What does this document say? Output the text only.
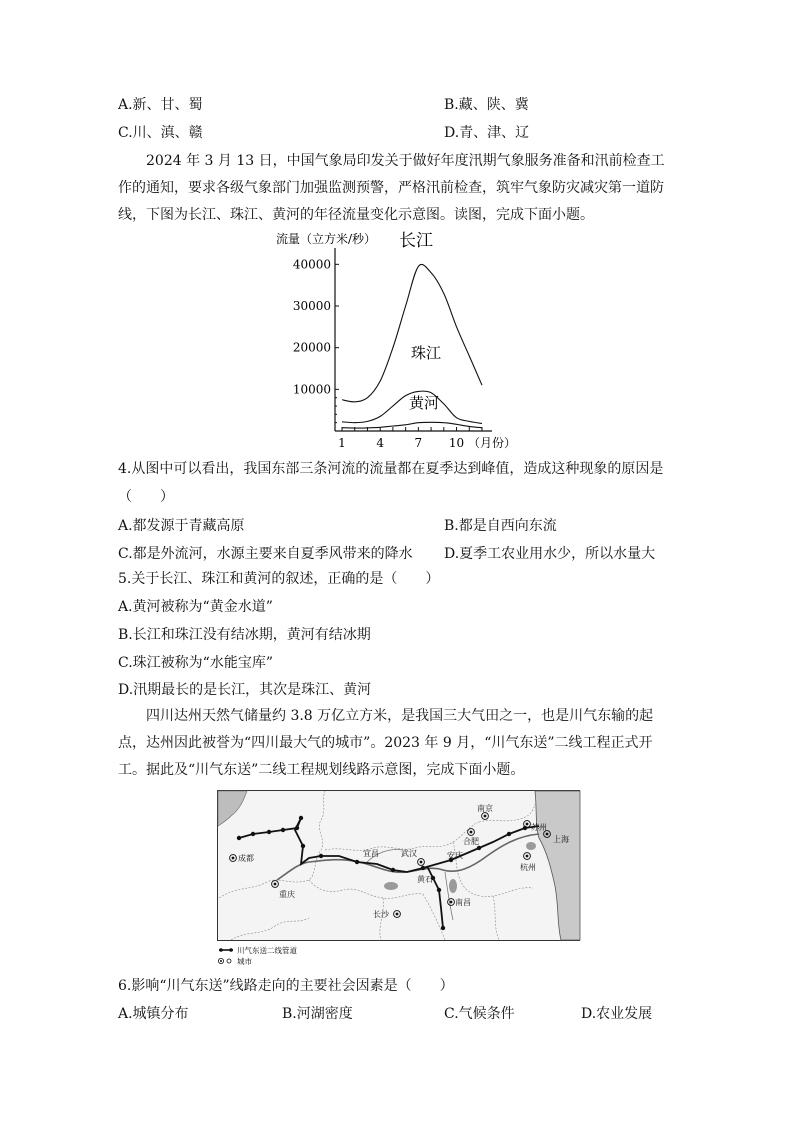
A.新、甘、蜀	B.藏、陕、冀
C.川、滇、赣	D.青、津、辽

2024 年 3 月 13 日，中国气象局印发关于做好年度汛期气象服务准备和汛前检查工作的通知，要求各级气象部门加强监测预警，严格汛前检查，筑牢气象防灾减灾第一道防线，下图为长江、珠江、黄河的年径流量变化示意图。读图，完成下面小题。

流量（立方米/秒）
10000
20000
30000
40000
1	4	7 10 （月份）
长江
珠江
黄河
4.从图中可以看出，我国东部三条河流的流量都在夏季达到峰值，造成这种现象的原因是
（　　）
A.都发源于青藏高原	B.都是自西向东流
C.都是外流河，水源主要来自夏季风带来的降水 D.夏季工农业用水少，所以水量大
5.关于长江、珠江和黄河的叙述，正确的是（　　）
A.黄河被称为“黄金水道”
B.长江和珠江没有结冰期，黄河有结冰期
C.珠江被称为“水能宝库”
D.汛期最长的是长江，其次是珠江、黄河

四川达州天然气储量约 3.8 万亿立方米，是我国三大气田之一，也是川气东输的起点，达州因此被誉为“四川最大气的城市”。2023 年 9 月，“川气东送”二线工程正式开工。据此及“川气东送”二线工程规划线路示意图，完成下面小题。

成都
重庆
宜昌	武汉
黄石
安庆
合肥
南京
苏州
上海
杭州
南昌
长沙
川气东送二线管道
城市
6.影响“川气东送”线路走向的主要社会因素是（　　）
A.城镇分布	B.河湖密度	C.气候条件	D.农业发展
